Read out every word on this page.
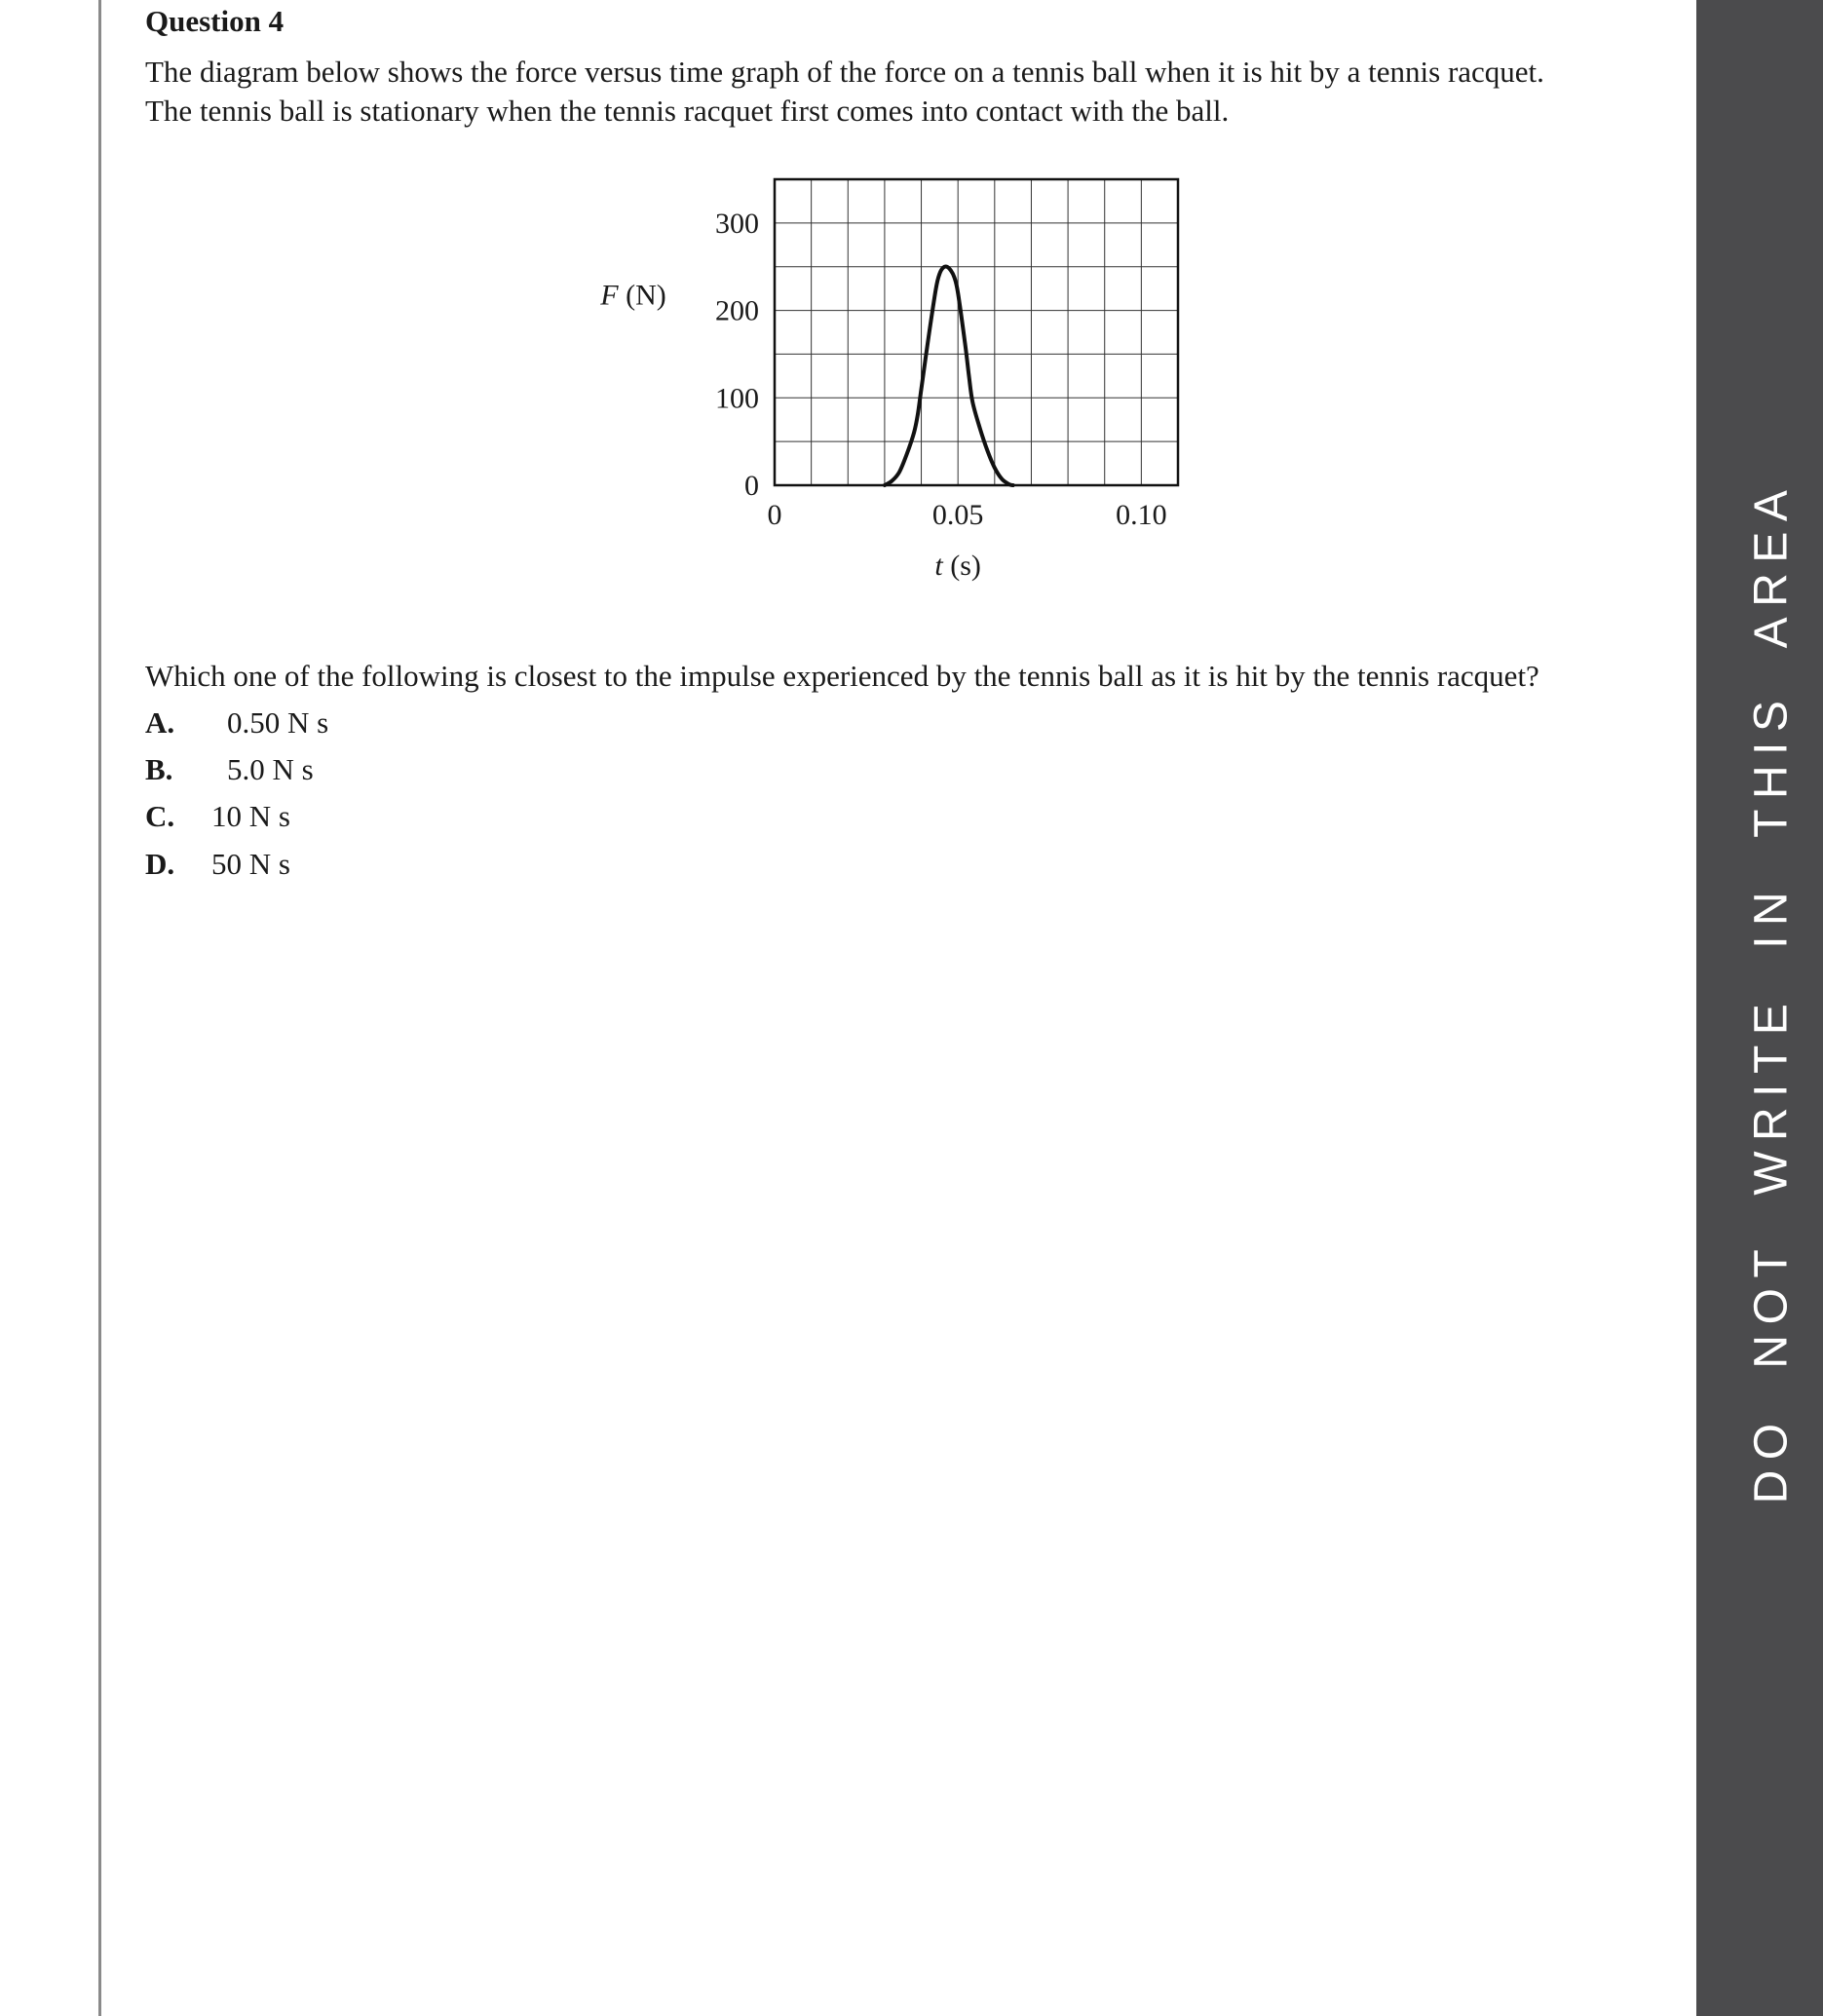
DO NOT WRITE IN THIS AREA
Question 4

The diagram below shows the force versus time graph of the force on a tennis ball when it is hit by a tennis racquet.
The tennis ball is stationary when the tennis racquet first comes into contact with the ball.

0
100
200
300
0	0.05	0.10
F (N)
t (s)

Which one of the following is closest to the impulse experienced by the tennis ball as it is hit by the tennis racquet?

A. 0.50 N s
B. 5.0 N s
C. 10 N s
D. 50 N s
